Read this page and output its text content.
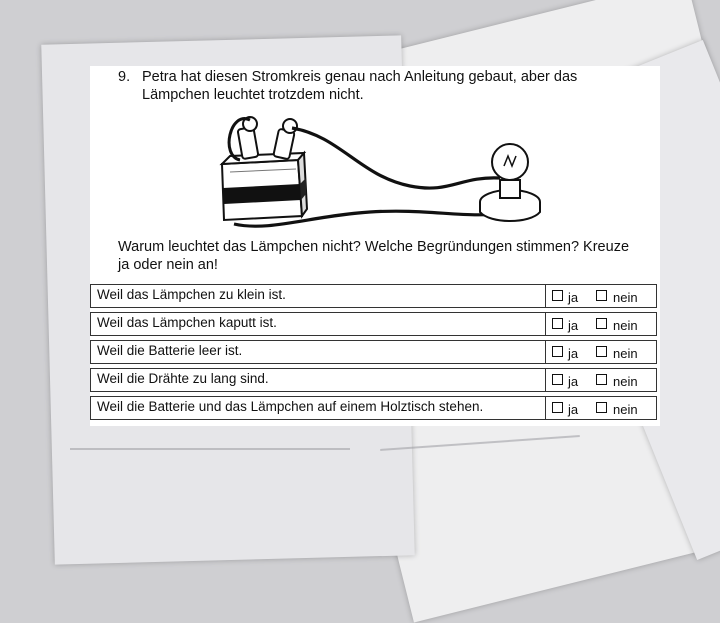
9. Petra hat diesen Stromkreis genau nach Anleitung gebaut, aber das
Lämpchen leuchtet trotzdem nicht.
Warum leuchtet das Lämpchen nicht? Welche Begründungen stimmen? Kreuze
ja oder nein an!
Weil das Lämpchen zu klein ist.	ja	nein
Weil das Lämpchen kaputt ist.	ja	nein
Weil die Batterie leer ist.	ja	nein
Weil die Drähte zu lang sind.	ja	nein
Weil die Batterie und das Lämpchen auf einem Holztisch stehen.	ja	nein
